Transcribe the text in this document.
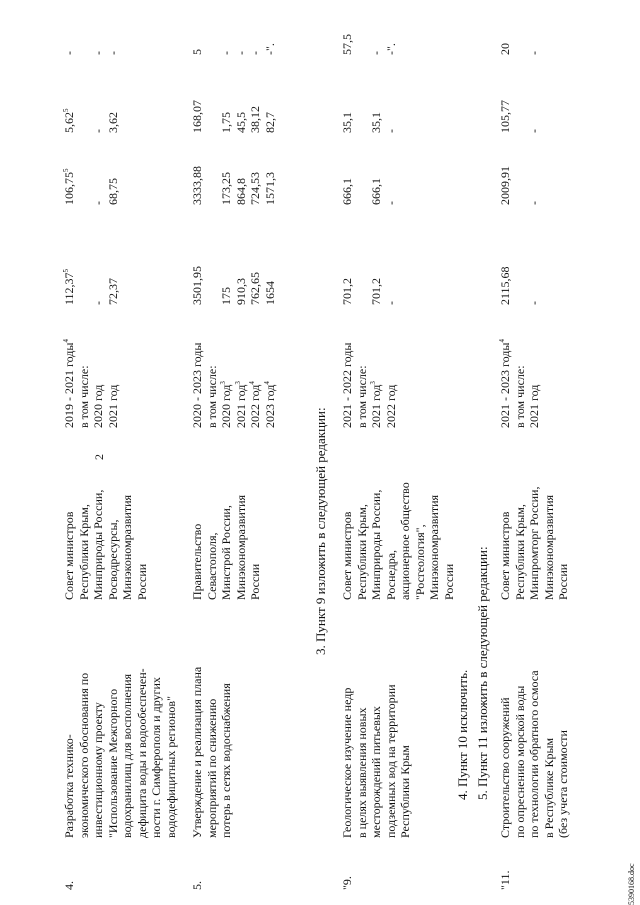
2	3. Пункт 9 изложить в следующей редакции:
4. Пункт 10 исключить. 5. Пункт 11 изложить в следующей редакции:
5390168.doc
4.
Разработка технико- экономического обоснования по инвестиционному проекту "Использование Межгорного водохранилищ для восполнения дефицита воды и водообеспечен- ности г. Симферополя и других вододефицитных регионов"
Совет министров Республики Крым, Минприроды России, Росводресурсы, Минэкономразвития России
2019 - 2021 годы$^4$
в том числе: 2020 год 2021 год
112,37$^5$
- 72,37
106,75$^5$
- 68,75
5,62$^5$
- 3,62
- - -
5.
Утверждение и реализация плана мероприятий по снижению потерь в сетях водоснабжения
Правительство Севастополя, Минстрой России, Минэкономразвития России
2020 - 2023 годы в том числе: 2020 год$^3$
2021 год$^3$
2022 год$^4$
2023 год$^4$
3501,95 175 910,3 762,65 1654
3333,88 173,25 864,8 724,53 1571,3
168,07 1,75 45,5 38,12 82,7
5 - - - -".
"9.
Геологическое изучение недр в целях выявления новых месторождений питьевых подземных вод на территории Республики Крым
Совет министров Республики Крым, Минприроды России, Роснедра, акционерное общество "Росгеология", Минэкономразвития России
2021 - 2022 годы в том числе: 2021 год$^3$
2022 год
701,2 701,2 -
666,1 666,1 -
35,1 35,1 -
57,5 - -".
"11.
Строительство сооружений по опреснению морской воды по технологии обратного осмоса в Республике Крым (без учета стоимости
Совет министров Республики Крым, Минпромторг России, Минэкономразвития России
2021 - 2023 годы$^4$
в том числе: 2021 год
2115,68 -
2009,91 -
105,77 -
20 -
